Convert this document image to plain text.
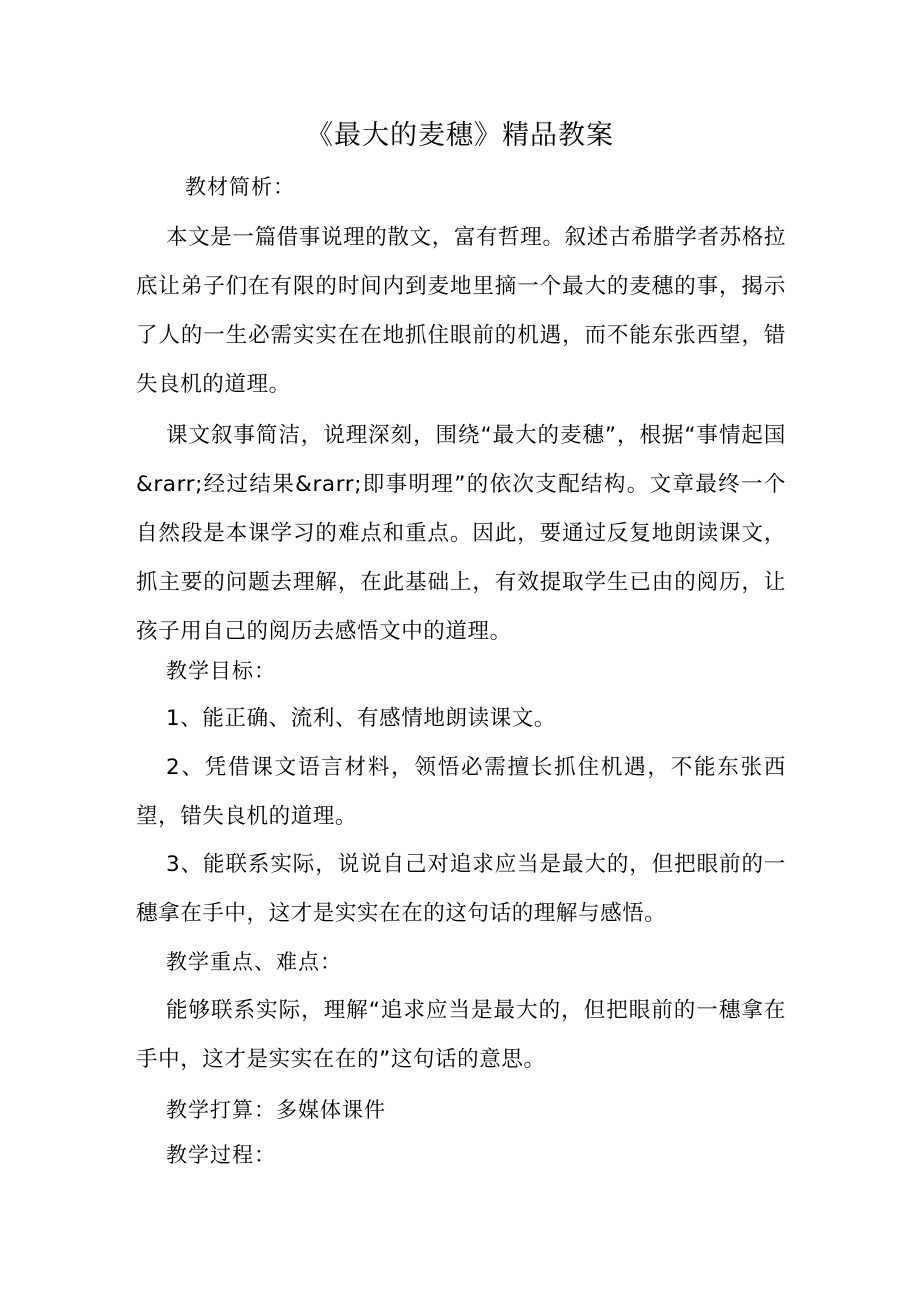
《最大的麦穗》精品教案

教材简析：

本文是一篇借事说理的散文，富有哲理。叙述古希腊学者苏格拉底让弟子们在有限的时间内到麦地里摘一个最大的麦穗的事，揭示了人的一生必需实实在在地抓住眼前的机遇，而不能东张西望，错失良机的道理。

课文叙事简洁，说理深刻，围绕“最大的麦穗”，根据“事情起国&rarr;经过结果&rarr;即事明理”的依次支配结构。文章最终一个自然段是本课学习的难点和重点。因此，要通过反复地朗读课文，抓主要的问题去理解，在此基础上，有效提取学生已由的阅历，让孩子用自己的阅历去感悟文中的道理。

教学目标：

1、能正确、流利、有感情地朗读课文。

2、凭借课文语言材料，领悟必需擅长抓住机遇，不能东张西望，错失良机的道理。

3、能联系实际，说说自己对追求应当是最大的，但把眼前的一穗拿在手中，这才是实实在在的这句话的理解与感悟。

教学重点、难点：

能够联系实际，理解“追求应当是最大的，但把眼前的一穗拿在手中，这才是实实在在的”这句话的意思。

教学打算：多媒体课件

教学过程：
